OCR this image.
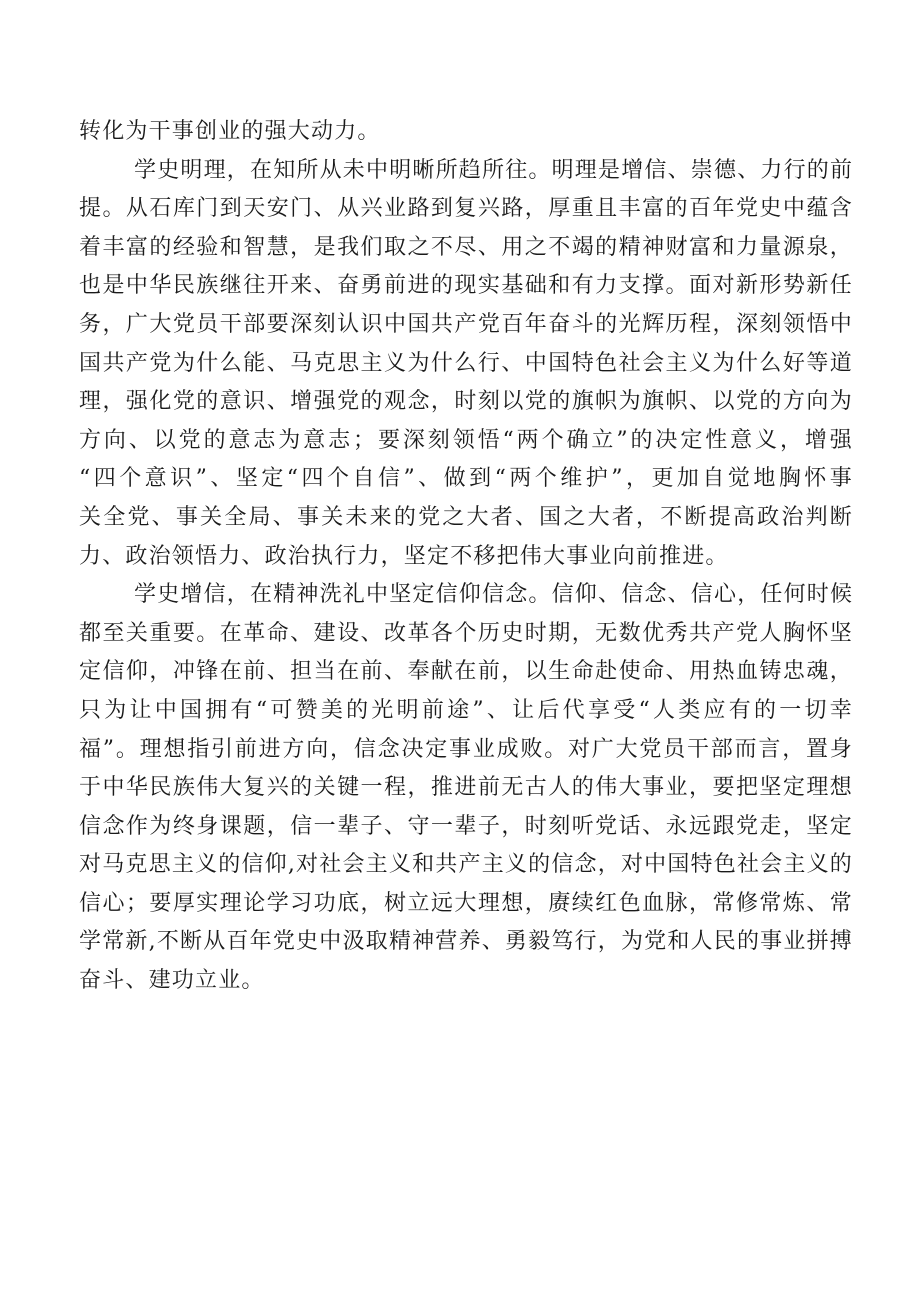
转化为干事创业的强大动力。
学史明理，在知所从未中明晰所趋所往。明理是增信、崇德、力行的前
提。从石库门到天安门、从兴业路到复兴路，厚重且丰富的百年党史中蕴含
着丰富的经验和智慧，是我们取之不尽、用之不竭的精神财富和力量源泉，
也是中华民族继往开来、奋勇前进的现实基础和有力支撑。面对新形势新任
务，广大党员干部要深刻认识中国共产党百年奋斗的光辉历程，深刻领悟中
国共产党为什么能、马克思主义为什么行、中国特色社会主义为什么好等道
理，强化党的意识、增强党的观念，时刻以党的旗帜为旗帜、以党的方向为
方向、以党的意志为意志；要深刻领悟“两个确立”的决定性意义，增强
“四个意识”、坚定“四个自信”、做到“两个维护”，更加自觉地胸怀事
关全党、事关全局、事关未来的党之大者、国之大者，不断提高政治判断
力、政治领悟力、政治执行力，坚定不移把伟大事业向前推进。
学史增信，在精神洗礼中坚定信仰信念。信仰、信念、信心，任何时候
都至关重要。在革命、建设、改革各个历史时期，无数优秀共产党人胸怀坚
定信仰，冲锋在前、担当在前、奉献在前，以生命赴使命、用热血铸忠魂，
只为让中国拥有“可赞美的光明前途”、让后代享受“人类应有的一切幸
福”。理想指引前进方向，信念决定事业成败。对广大党员干部而言，置身
于中华民族伟大复兴的关键一程，推进前无古人的伟大事业，要把坚定理想
信念作为终身课题，信一辈子、守一辈子，时刻听党话、永远跟党走，坚定
对马克思主义的信仰,对社会主义和共产主义的信念，对中国特色社会主义的
信心；要厚实理论学习功底，树立远大理想，赓续红色血脉，常修常炼、常
学常新,不断从百年党史中汲取精神营养、勇毅笃行，为党和人民的事业拼搏
奋斗、建功立业。
